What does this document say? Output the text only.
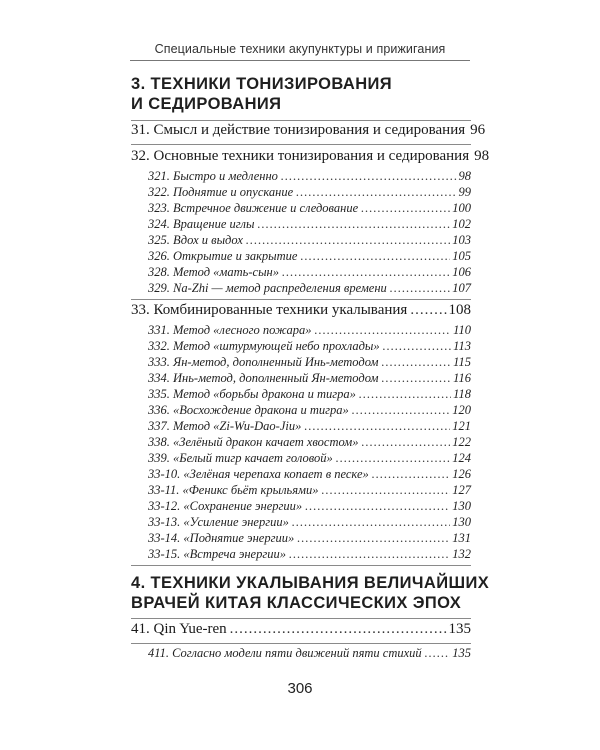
Специальные техники акупунктуры и прижигания
3. ТЕХНИКИ ТОНИЗИРОВАНИЯ
И СЕДИРОВАНИЯ
31. Смысл и действие тонизирования и седирования 96
32. Основные техники тонизирования и седирования 98
321. Быстро и медленно .....	98
322. Поднятие и опускание .....	99
323. Встречное движение и следование .....	100
324. Вращение иглы .....	102
325. Вдох и выдох .....	103
326. Открытие и закрытие .....	105
328. Метод «мать-сын» .....	106
329. Na-Zhi — метод распределения времени .....	107
33. Комбинированные техники укалывания .....	108
331. Метод «лесного пожара» .....	110
332. Метод «штурмующей небо прохлады» .....	113
333. Ян-метод, дополненный Инь-методом .....	115
334. Инь-метод, дополненный Ян-методом .....	116
335. Метод «борьбы дракона и тигра» .....	118
336. «Восхождение дракона и тигра» .....	120
337. Метод «Zi-Wu-Dao-Jiu» .....	121
338. «Зелёный дракон качает хвостом» .....	122
339. «Белый тигр качает головой» .....	124
33-10. «Зелёная черепаха копает в песке» .....	126
33-11. «Феникс бьёт крыльями» .....	127
33-12. «Сохранение энергии» .....	130
33-13. «Усиление энергии» .....	130
33-14. «Поднятие энергии» .....	131
33-15. «Встреча энергии» .....	132
4. ТЕХНИКИ УКАЛЫВАНИЯ ВЕЛИЧАЙШИХ
ВРАЧЕЙ КИТАЯ КЛАССИЧЕСКИХ ЭПОХ
41. Qin Yue-ren .....	135
411. Согласно модели пяти движений пяти стихий ..... 135
306
